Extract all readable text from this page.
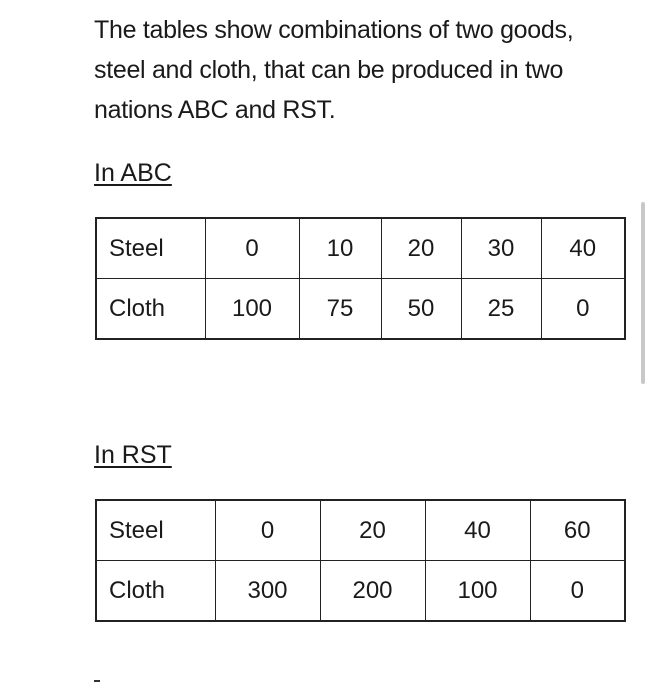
The tables show combinations of two goods, steel and cloth, that can be produced in two nations ABC and RST.

In ABC

Steel	0	10	20	30	40
Cloth	100	75	50	25	0

In RST

Steel	0	20	40	60
Cloth	300	200	100	0
